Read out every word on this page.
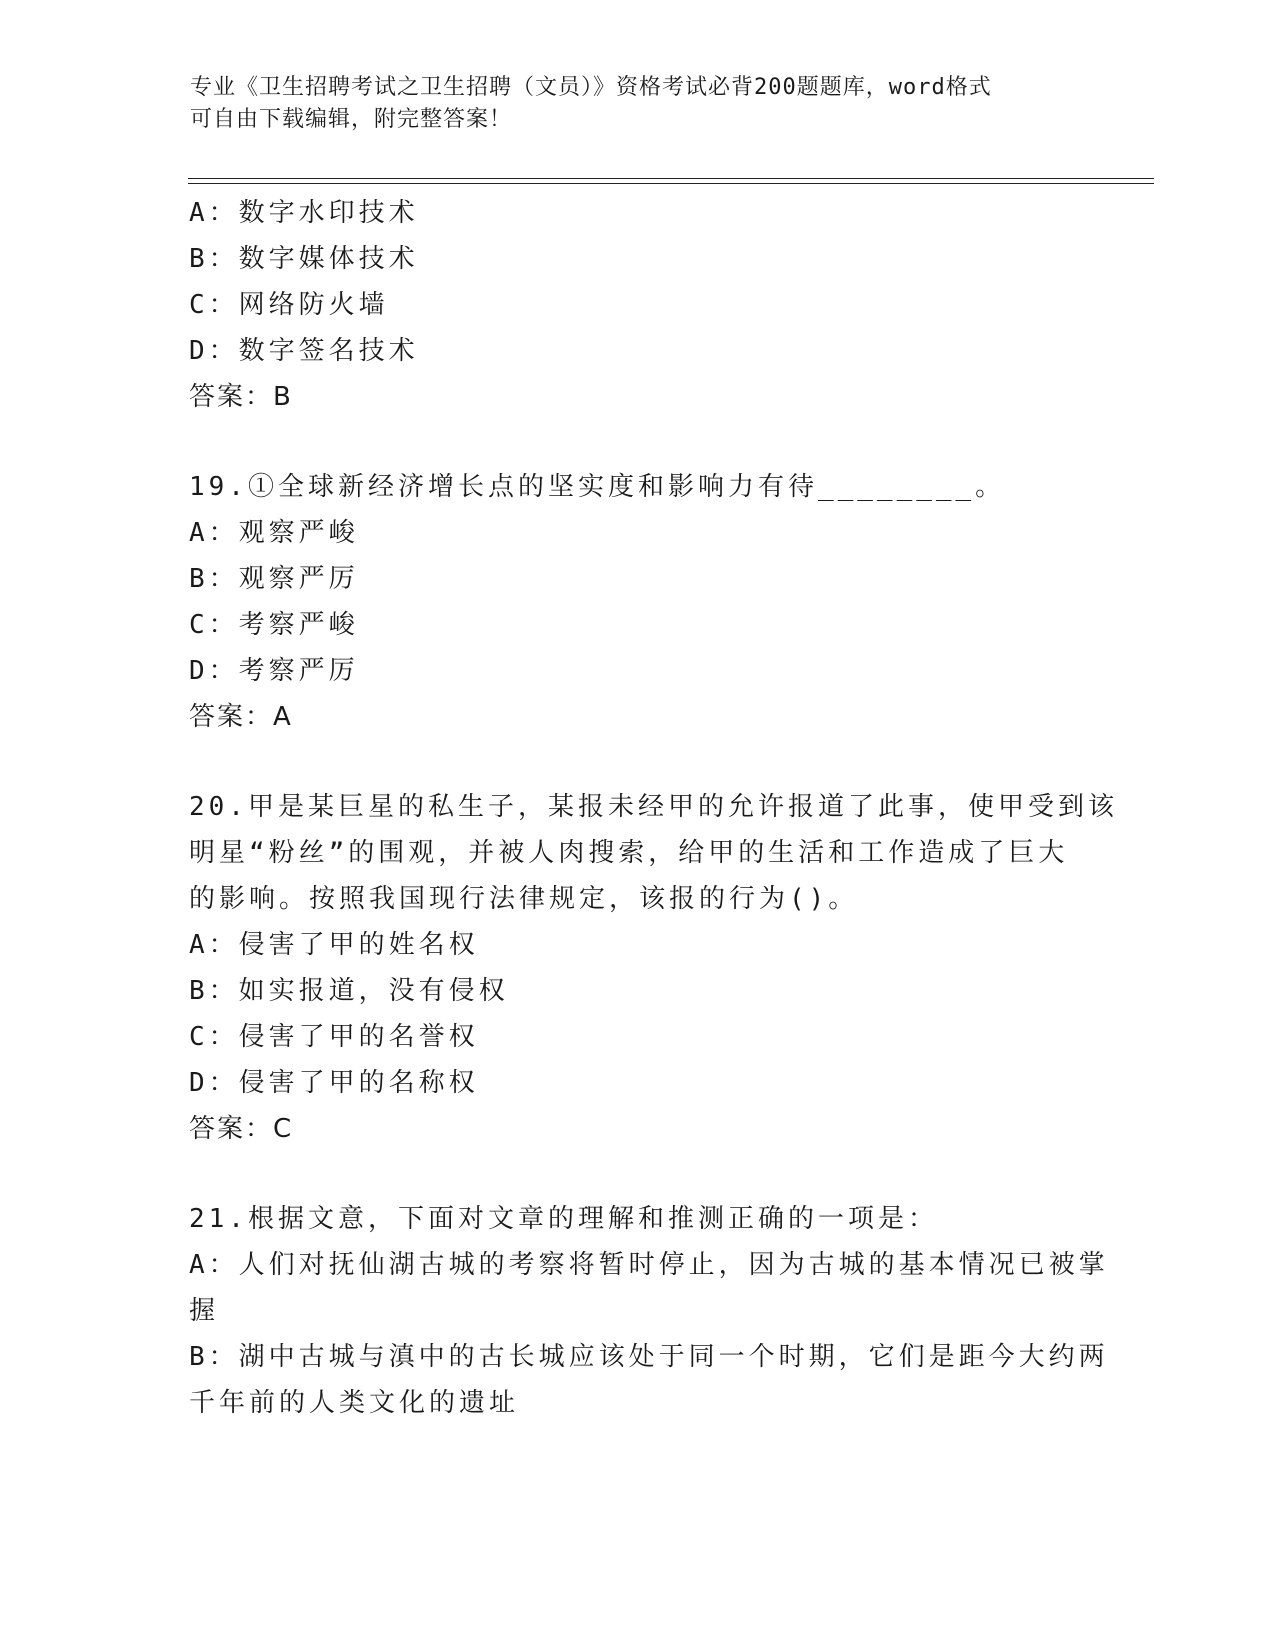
专业《卫生招聘考试之卫生招聘（文员）》资格考试必背200题题库，word格式
可自由下载编辑，附完整答案！
A：数字水印技术
B：数字媒体技术
C：网络防火墙
D：数字签名技术
答案：B
19.①全球新经济增长点的坚实度和影响力有待________。
A：观察严峻
B：观察严厉
C：考察严峻
D：考察严厉
答案：A
20.甲是某巨星的私生子，某报未经甲的允许报道了此事，使甲受到该
明星“粉丝”的围观，并被人肉搜索，给甲的生活和工作造成了巨大
的影响。按照我国现行法律规定，该报的行为()。
A：侵害了甲的姓名权
B：如实报道，没有侵权
C：侵害了甲的名誉权
D：侵害了甲的名称权
答案：C
21.根据文意，下面对文章的理解和推测正确的一项是：
A：人们对抚仙湖古城的考察将暂时停止，因为古城的基本情况已被掌
握
B：湖中古城与滇中的古长城应该处于同一个时期，它们是距今大约两
千年前的人类文化的遗址
